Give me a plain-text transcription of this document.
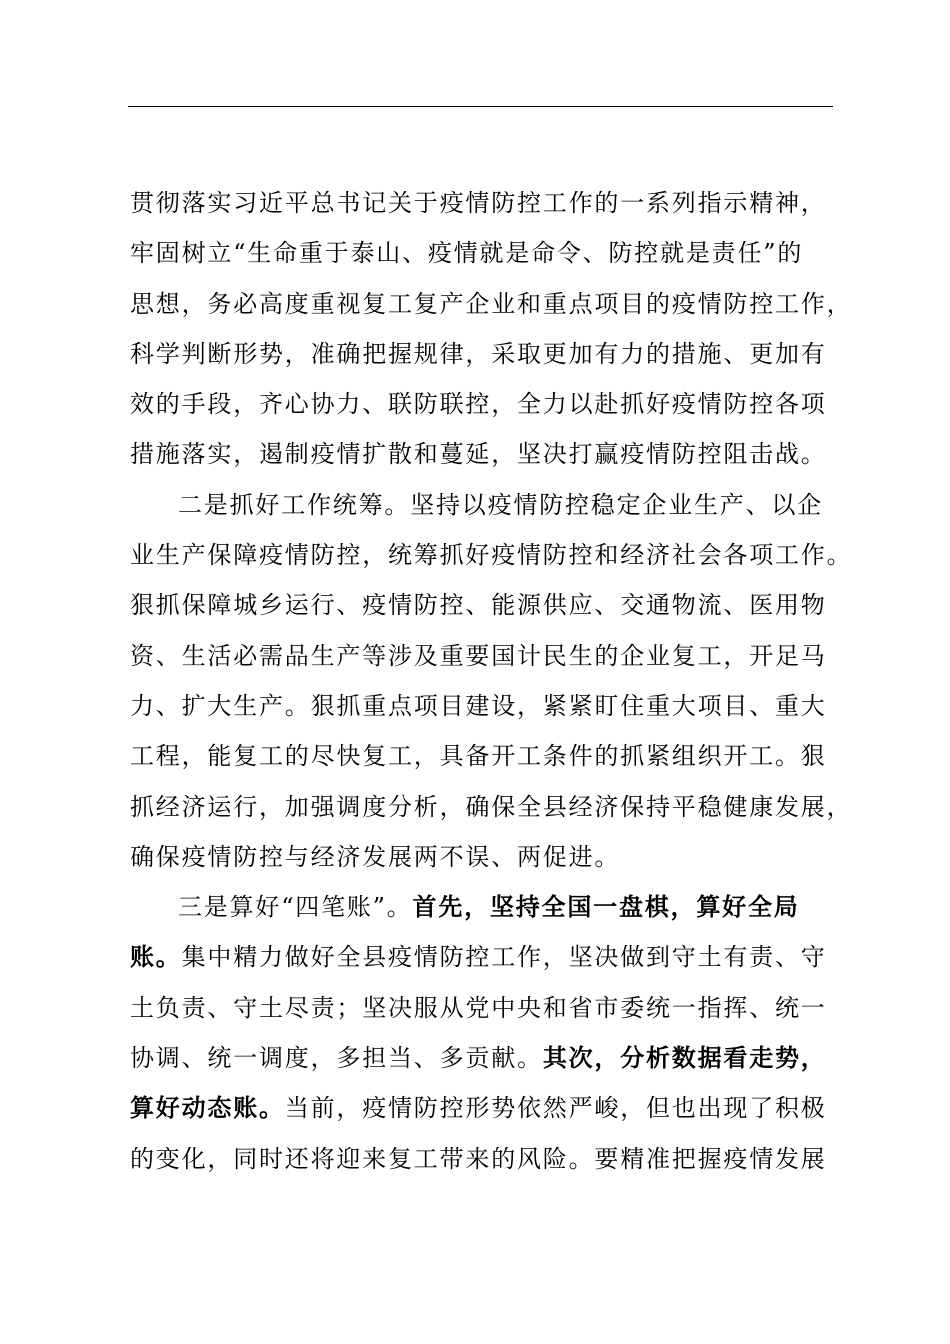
贯彻落实习近平总书记关于疫情防控工作的一系列指示精神，
牢固树立“生命重于泰山、疫情就是命令、防控就是责任”的
思想，务必高度重视复工复产企业和重点项目的疫情防控工作，
科学判断形势，准确把握规律，采取更加有力的措施、更加有
效的手段，齐心协力、联防联控，全力以赴抓好疫情防控各项
措施落实，遏制疫情扩散和蔓延，坚决打赢疫情防控阻击战。
二是抓好工作统筹。坚持以疫情防控稳定企业生产、以企
业生产保障疫情防控，统筹抓好疫情防控和经济社会各项工作。
狠抓保障城乡运行、疫情防控、能源供应、交通物流、医用物
资、生活必需品生产等涉及重要国计民生的企业复工，开足马
力、扩大生产。狠抓重点项目建设，紧紧盯住重大项目、重大
工程，能复工的尽快复工，具备开工条件的抓紧组织开工。狠
抓经济运行，加强调度分析，确保全县经济保持平稳健康发展，
确保疫情防控与经济发展两不误、两促进。
三是算好“四笔账”。首先，坚持全国一盘棋，算好全局
账。集中精力做好全县疫情防控工作，坚决做到守土有责、守
土负责、守土尽责；坚决服从党中央和省市委统一指挥、统一
协调、统一调度，多担当、多贡献。其次，分析数据看走势，
算好动态账。当前，疫情防控形势依然严峻，但也出现了积极
的变化，同时还将迎来复工带来的风险。要精准把握疫情发展
